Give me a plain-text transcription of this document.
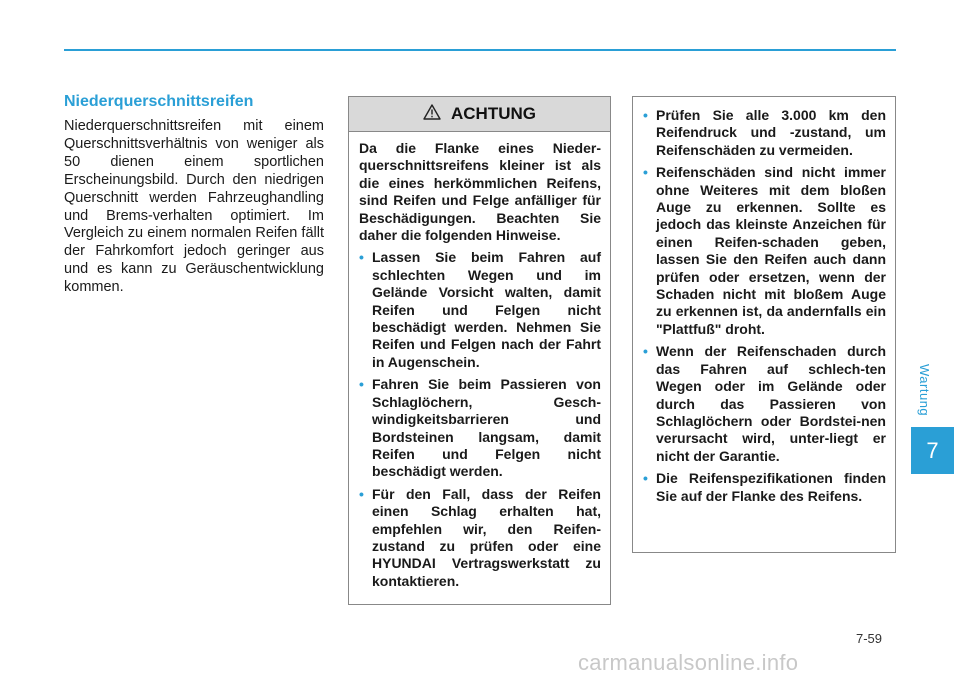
Niederquerschnittsreifen

Niederquerschnittsreifen mit einem Querschnittsverhältnis von weniger als 50 dienen einem sportlichen Erscheinungsbild. Durch den niedrigen Querschnitt werden Fahrzeughandling und Brems-verhalten optimiert. Im Vergleich zu einem normalen Reifen fällt der Fahrkomfort jedoch geringer aus und es kann zu Geräuschentwicklung kommen.

ACHTUNG

Da die Flanke eines Nieder-querschnittsreifens kleiner ist als die eines herkömmlichen Reifens, sind Reifen und Felge anfälliger für Beschädigungen. Beachten Sie daher die folgenden Hinweise.

• Lassen Sie beim Fahren auf schlechten Wegen und im Gelände Vorsicht walten, damit Reifen und Felgen nicht beschädigt werden. Nehmen Sie Reifen und Felgen nach der Fahrt in Augenschein.
• Fahren Sie beim Passieren von Schlaglöchern, Gesch-windigkeitsbarrieren und Bordsteinen langsam, damit Reifen und Felgen nicht beschädigt werden.
• Für den Fall, dass der Reifen einen Schlag erhalten hat, empfehlen wir, den Reifen-zustand zu prüfen oder eine HYUNDAI Vertragswerkstatt zu kontaktieren.
• Prüfen Sie alle 3.000 km den Reifendruck und -zustand, um Reifenschäden zu vermeiden.
• Reifenschäden sind nicht immer ohne Weiteres mit dem bloßen Auge zu erkennen. Sollte es jedoch das kleinste Anzeichen für einen Reifen-schaden geben, lassen Sie den Reifen auch dann prüfen oder ersetzen, wenn der Schaden nicht mit bloßem Auge zu erkennen ist, da andernfalls ein "Plattfuß" droht.
• Wenn der Reifenschaden durch das Fahren auf schlech-ten Wegen oder im Gelände oder durch das Passieren von Schlaglöchern oder Bordstei-nen verursacht wird, unter-liegt er nicht der Garantie.
• Die Reifenspezifikationen finden Sie auf der Flanke des Reifens.
Wartung
7
7-59
carmanualsonline.info
